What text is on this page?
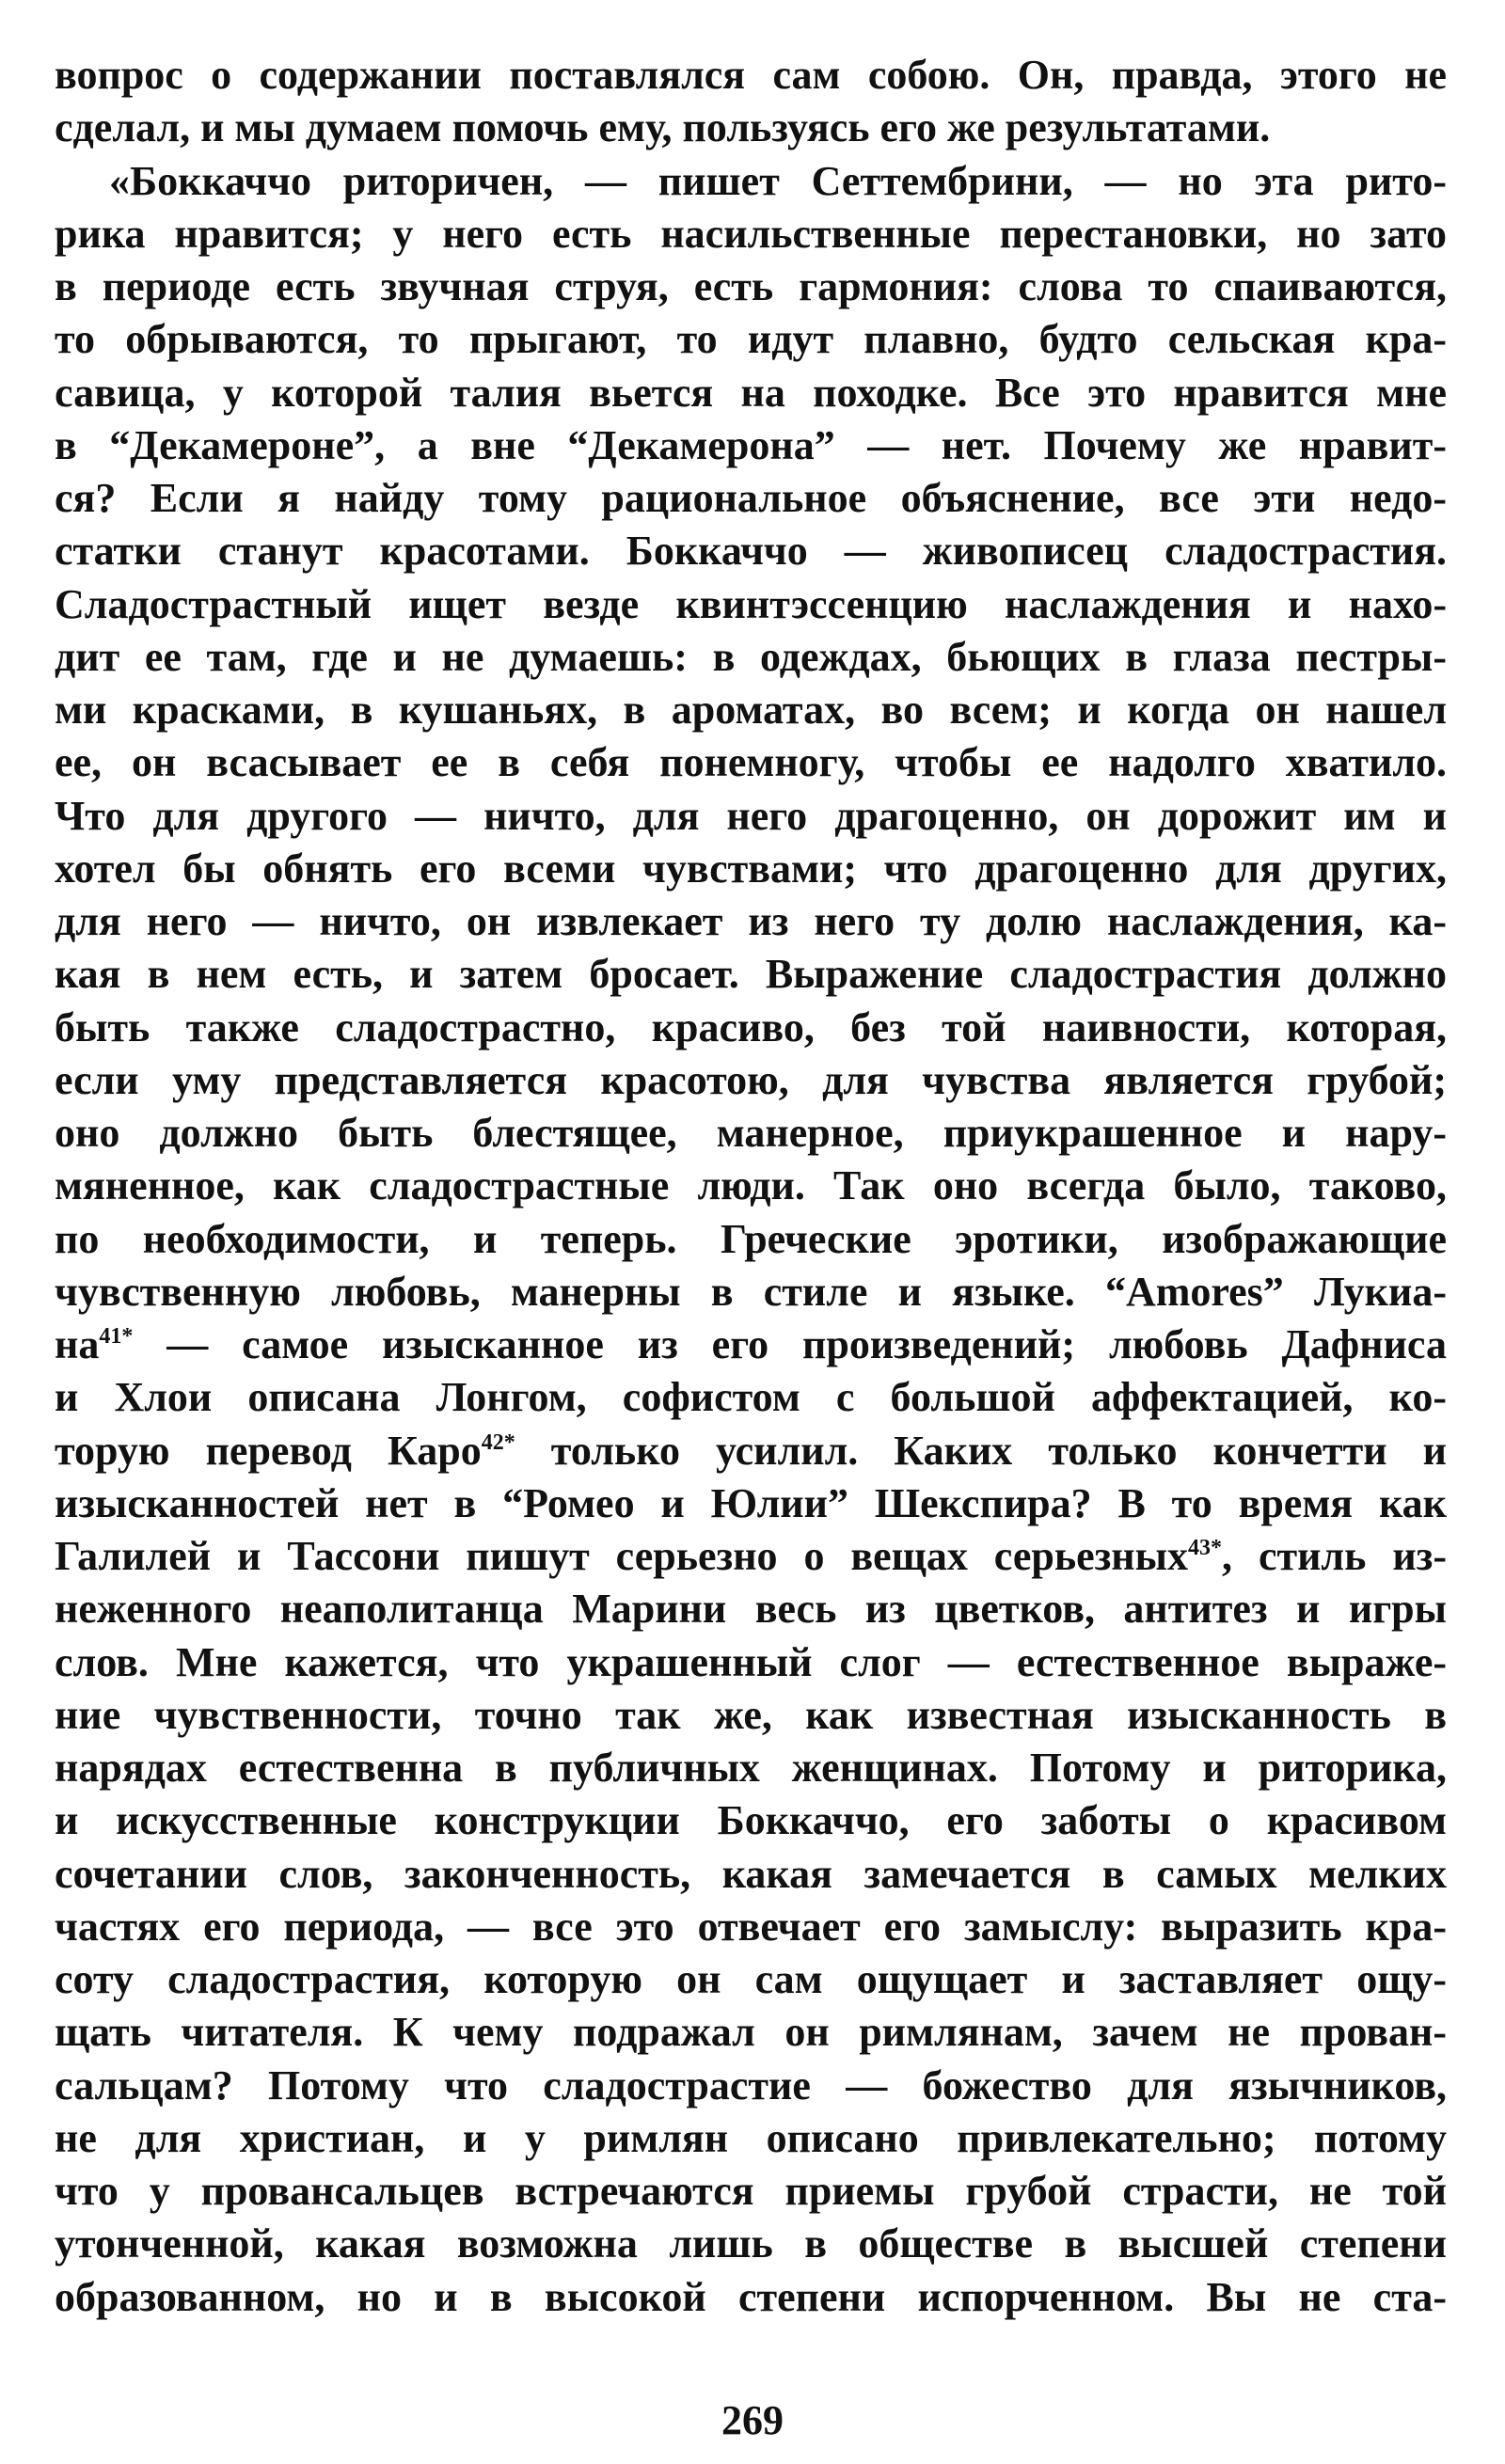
вопрос о содержании поставлялся сам собою. Он, правда, этого не
сделал, и мы думаем помочь ему, пользуясь его же результатами.
«Боккаччо риторичен, — пишет Сеттембрини, — но эта рито-
рика нравится; у него есть насильственные перестановки, но зато
в периоде есть звучная струя, есть гармония: слова то спаиваются,
то обрываются, то прыгают, то идут плавно, будто сельская кра-
савица, у которой талия вьется на походке. Все это нравится мне
в “Декамероне”, а вне “Декамерона” — нет. Почему же нравит-
ся? Если я найду тому рациональное объяснение, все эти недо-
статки станут красотами. Боккаччо — живописец сладострастия.
Сладострастный ищет везде квинтэссенцию наслаждения и нахо-
дит ее там, где и не думаешь: в одеждах, бьющих в глаза пестры-
ми красками, в кушаньях, в ароматах, во всем; и когда он нашел
ее, он всасывает ее в себя понемногу, чтобы ее надолго хватило.
Что для другого — ничто, для него драгоценно, он дорожит им и
хотел бы обнять его всеми чувствами; что драгоценно для других,
для него — ничто, он извлекает из него ту долю наслаждения, ка-
кая в нем есть, и затем бросает. Выражение сладострастия должно
быть также сладострастно, красиво, без той наивности, которая,
если уму представляется красотою, для чувства является грубой;
оно должно быть блестящее, манерное, приукрашенное и нару-
мяненное, как сладострастные люди. Так оно всегда было, таково,
по необходимости, и теперь. Греческие эротики, изображающие
чувственную любовь, манерны в стиле и языке. “Amores” Лукиа-
на$^{41*}$ — самое изысканное из его произведений; любовь Дафниса
и Хлои описана Лонгом, софистом с большой аффектацией, ко-
торую перевод Каро$^{42*}$ только усилил. Каких только кончетти и
изысканностей нет в “Ромео и Юлии” Шекспира? В то время как
Галилей и Тассони пишут серьезно о вещах серьезных$^{43*}$, стиль из-
неженного неаполитанца Марини весь из цветков, антитез и игры
слов. Мне кажется, что украшенный слог — естественное выраже-
ние чувственности, точно так же, как известная изысканность в
нарядах естественна в публичных женщинах. Потому и риторика,
и искусственные конструкции Боккаччо, его заботы о красивом
сочетании слов, законченность, какая замечается в самых мелких
частях его периода, — все это отвечает его замыслу: выразить кра-
соту сладострастия, которую он сам ощущает и заставляет ощу-
щать читателя. К чему подражал он римлянам, зачем не прован-
сальцам? Потому что сладострастие — божество для язычников,
не для христиан, и у римлян описано привлекательно; потому
что у провансальцев встречаются приемы грубой страсти, не той
утонченной, какая возможна лишь в обществе в высшей степени
образованном, но и в высокой степени испорченном. Вы не ста-
269
